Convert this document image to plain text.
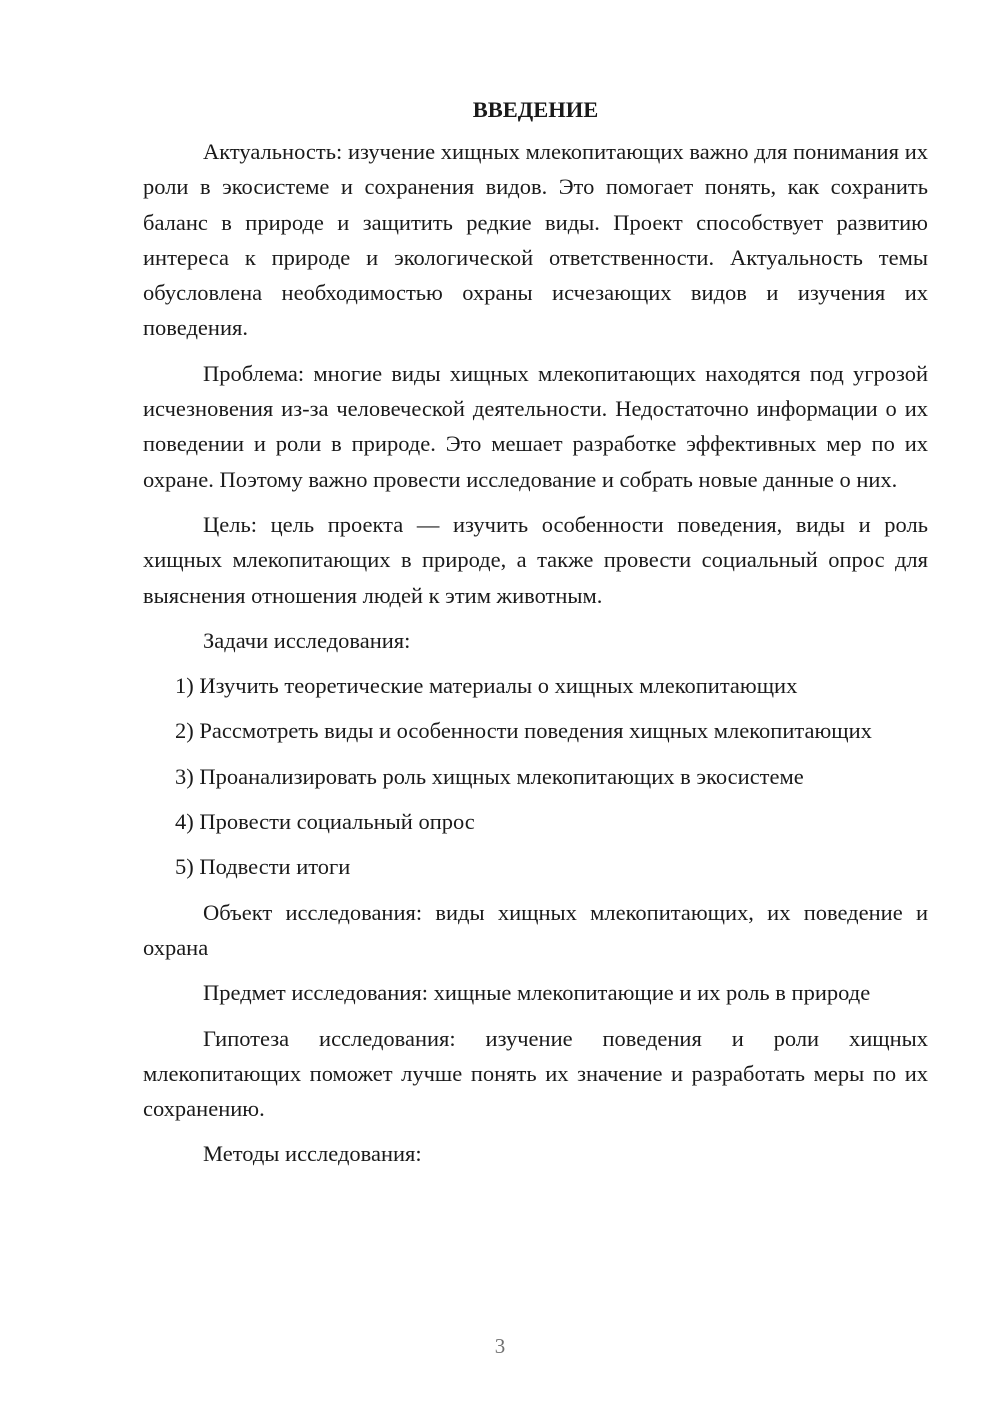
ВВЕДЕНИЕ

Актуальность: изучение хищных млекопитающих важно для понимания их роли в экосистеме и сохранения видов. Это помогает понять, как сохранить баланс в природе и защитить редкие виды. Проект способствует развитию интереса к природе и экологической ответственности. Актуальность темы обусловлена необходимостью охраны исчезающих видов и изучения их поведения.

Проблема: многие виды хищных млекопитающих находятся под угрозой исчезновения из-за человеческой деятельности. Недостаточно информации о их поведении и роли в природе. Это мешает разработке эффективных мер по их охране. Поэтому важно провести исследование и собрать новые данные о них.

Цель: цель проекта — изучить особенности поведения, виды и роль хищных млекопитающих в природе, а также провести социальный опрос для выяснения отношения людей к этим животным.

Задачи исследования:

1) Изучить теоретические материалы о хищных млекопитающих

2) Рассмотреть виды и особенности поведения хищных млекопитающих

3) Проанализировать роль хищных млекопитающих в экосистеме

4) Провести социальный опрос

5) Подвести итоги

Объект исследования: виды хищных млекопитающих, их поведение и охрана

Предмет исследования: хищные млекопитающие и их роль в природе

Гипотеза исследования: изучение поведения и роли хищных млекопитающих поможет лучше понять их значение и разработать меры по их сохранению.

Методы исследования:

3
